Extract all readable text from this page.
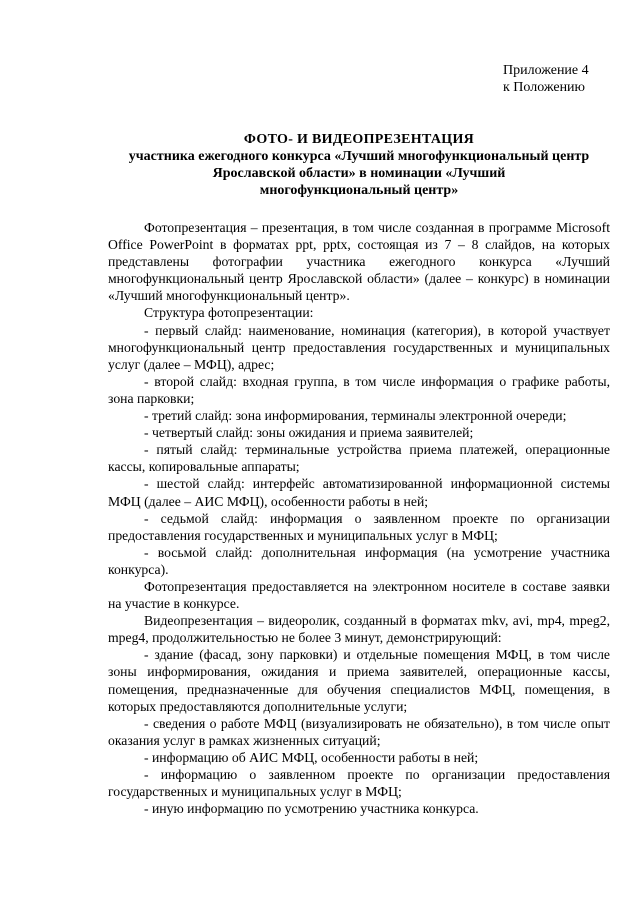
Приложение 4
к Положению
ФОТО- И ВИДЕОПРЕЗЕНТАЦИЯ
участника ежегодного конкурса «Лучший многофункциональный центр
Ярославской области» в номинации «Лучший
многофункциональный центр»

Фотопрезентация – презентация, в том числе созданная в программе Microsoft Office PowerPoint в форматах ppt, pptx, состоящая из 7 – 8 слайдов, на которых представлены фотографии участника ежегодного конкурса «Лучший многофункциональный центр Ярославской области» (далее – конкурс) в номинации «Лучший многофункциональный центр».

Структура фотопрезентации:

- первый слайд: наименование, номинация (категория), в которой участвует многофункциональный центр предоставления государственных и муниципальных услуг (далее – МФЦ), адрес;

- второй слайд: входная группа, в том числе информация о графике работы, зона парковки;

- третий слайд: зона информирования, терминалы электронной очереди;

- четвертый слайд: зоны ожидания и приема заявителей;

- пятый слайд: терминальные устройства приема платежей, операционные кассы, копировальные аппараты;

- шестой слайд: интерфейс автоматизированной информационной системы МФЦ (далее – АИС МФЦ), особенности работы в ней;

- седьмой слайд: информация о заявленном проекте по организации предоставления государственных и муниципальных услуг в МФЦ;

- восьмой слайд: дополнительная информация (на усмотрение участника конкурса).

Фотопрезентация предоставляется на электронном носителе в составе заявки на участие в конкурсе.

Видеопрезентация – видеоролик, созданный в форматах mkv, avi, mp4, mpeg2, mpeg4, продолжительностью не более 3 минут, демонстрирующий:

- здание (фасад, зону парковки) и отдельные помещения МФЦ, в том числе зоны информирования, ожидания и приема заявителей, операционные кассы, помещения, предназначенные для обучения специалистов МФЦ, помещения, в которых предоставляются дополнительные услуги;

- сведения о работе МФЦ (визуализировать не обязательно), в том числе опыт оказания услуг в рамках жизненных ситуаций;

- информацию об АИС МФЦ, особенности работы в ней;

- информацию о заявленном проекте по организации предоставления государственных и муниципальных услуг в МФЦ;

- иную информацию по усмотрению участника конкурса.
